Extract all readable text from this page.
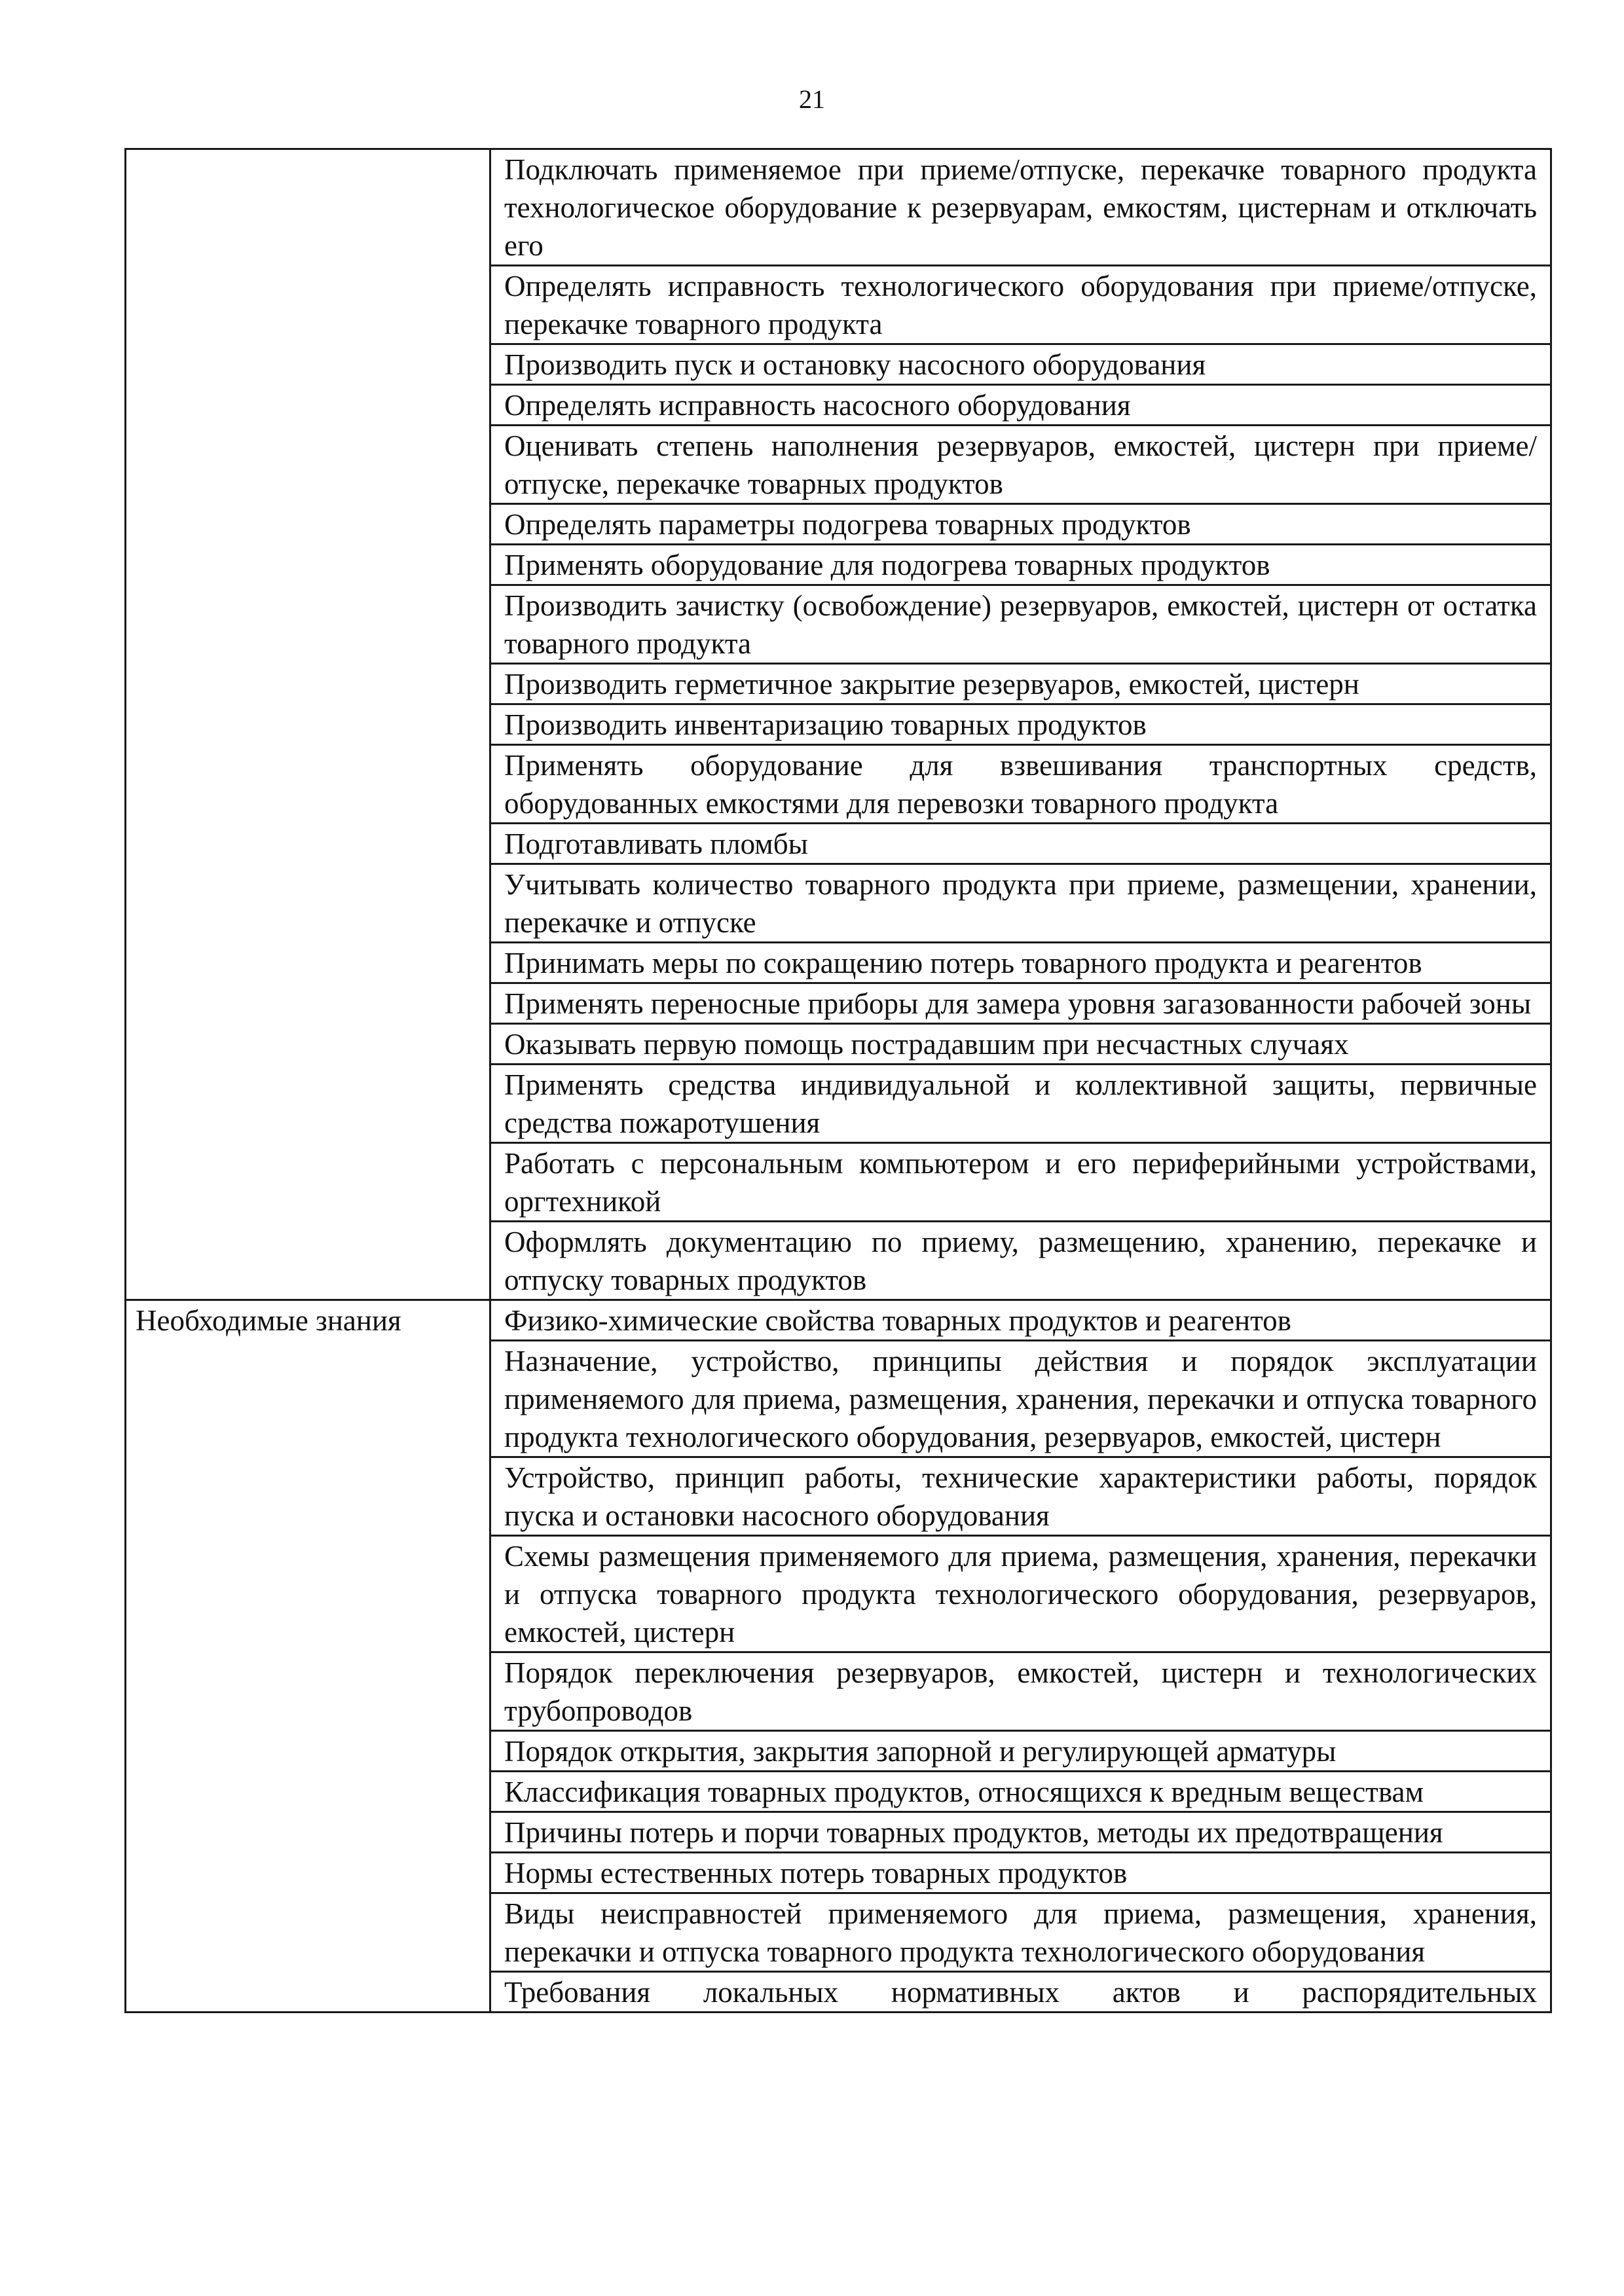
21
	Подключать применяемое при приеме/отпуске, перекачке товарного продукта технологическое оборудование к резервуарам, емкостям, цистернам и отключать его
	Определять исправность технологического оборудования при приеме/отпуске, перекачке товарного продукта
	Производить пуск и остановку насосного оборудования
	Определять исправность насосного оборудования
	Оценивать степень наполнения резервуаров, емкостей, цистерн при приеме/отпуске, перекачке товарных продуктов
	Определять параметры подогрева товарных продуктов
	Применять оборудование для подогрева товарных продуктов
	Производить зачистку (освобождение) резервуаров, емкостей, цистерн от остатка товарного продукта
	Производить герметичное закрытие резервуаров, емкостей, цистерн
	Производить инвентаризацию товарных продуктов
	Применять оборудование для взвешивания транспортных средств, оборудованных емкостями для перевозки товарного продукта
	Подготавливать пломбы
	Учитывать количество товарного продукта при приеме, размещении, хранении, перекачке и отпуске
	Принимать меры по сокращению потерь товарного продукта и реагентов
	Применять переносные приборы для замера уровня загазованности рабочей зоны
	Оказывать первую помощь пострадавшим при несчастных случаях
	Применять средства индивидуальной и коллективной защиты, первичные средства пожаротушения
	Работать с персональным компьютером и его периферийными устройствами, оргтехникой
	Оформлять документацию по приему, размещению, хранению, перекачке и отпуску товарных продуктов
Необходимые знания	Физико-химические свойства товарных продуктов и реагентов
	Назначение, устройство, принципы действия и порядок эксплуатации применяемого для приема, размещения, хранения, перекачки и отпуска товарного продукта технологического оборудования, резервуаров, емкостей, цистерн
	Устройство, принцип работы, технические характеристики работы, порядок пуска и остановки насосного оборудования
	Схемы размещения применяемого для приема, размещения, хранения, перекачки и отпуска товарного продукта технологического оборудования, резервуаров, емкостей, цистерн
	Порядок переключения резервуаров, емкостей, цистерн и технологических трубопроводов
	Порядок открытия, закрытия запорной и регулирующей арматуры
	Классификация товарных продуктов, относящихся к вредным веществам
	Причины потерь и порчи товарных продуктов, методы их предотвращения
	Нормы естественных потерь товарных продуктов
	Виды неисправностей применяемого для приема, размещения, хранения, перекачки и отпуска товарного продукта технологического оборудования
	Требования локальных нормативных актов и распорядительных
